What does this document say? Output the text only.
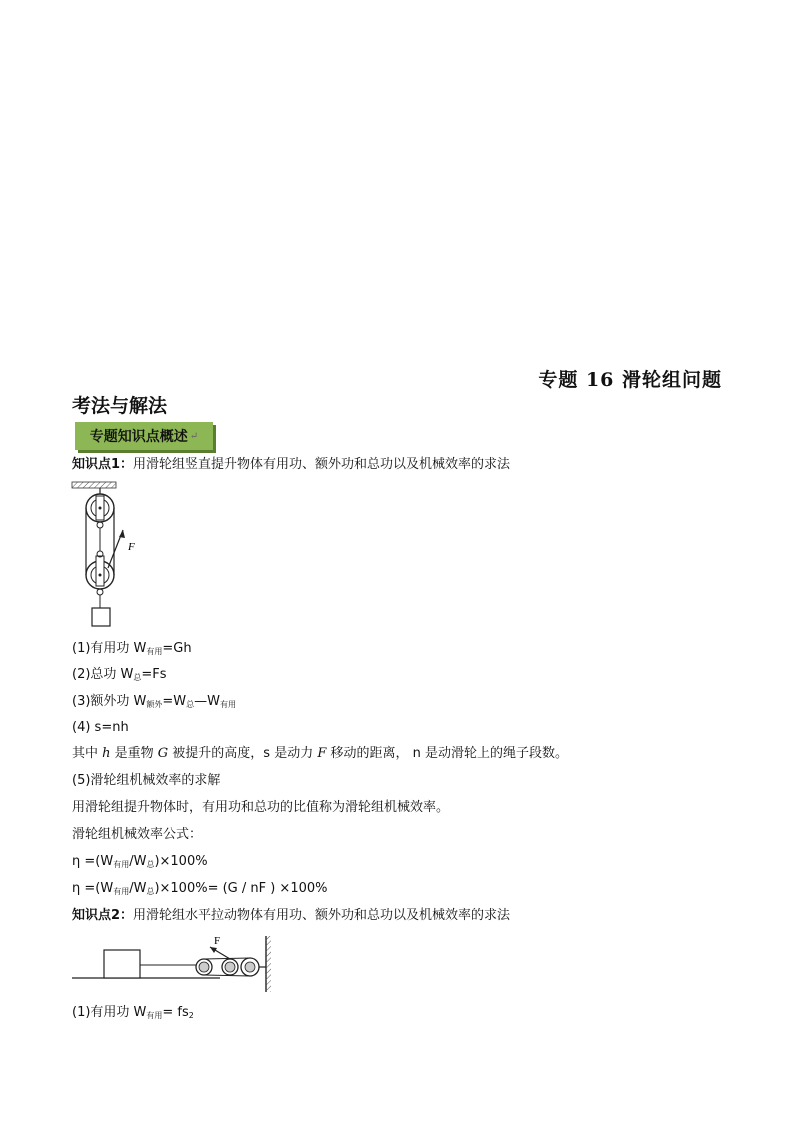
专题 16 滑轮组问题
考法与解法
专题知识点概述 ↵
知识点1：用滑轮组竖直提升物体有用功、额外功和总功以及机械效率的求法
F
(1)有用功 $W_{有用}=Gh$
(2)总功 $W_总=Fs$
(3)额外功 $W_{额外}=W_总—W_{有用}$
(4) s=nh
其中 h 是重物 G 被提升的高度，s 是动力 F 移动的距离， n 是动滑轮上的绳子段数。
(5)滑轮组机械效率的求解
用滑轮组提升物体时，有用功和总功的比值称为滑轮组机械效率。
滑轮组机械效率公式：
$\eta =(W_{有用}/W_总)\times 100\%$
$\eta =(W_{有用}/W_总)\times 100\%= (G$ / nF ) ×100%
知识点2：用滑轮组水平拉动物体有用功、额外功和总功以及机械效率的求法
F
(1)有用功 $W_{有用}= fs_2$
